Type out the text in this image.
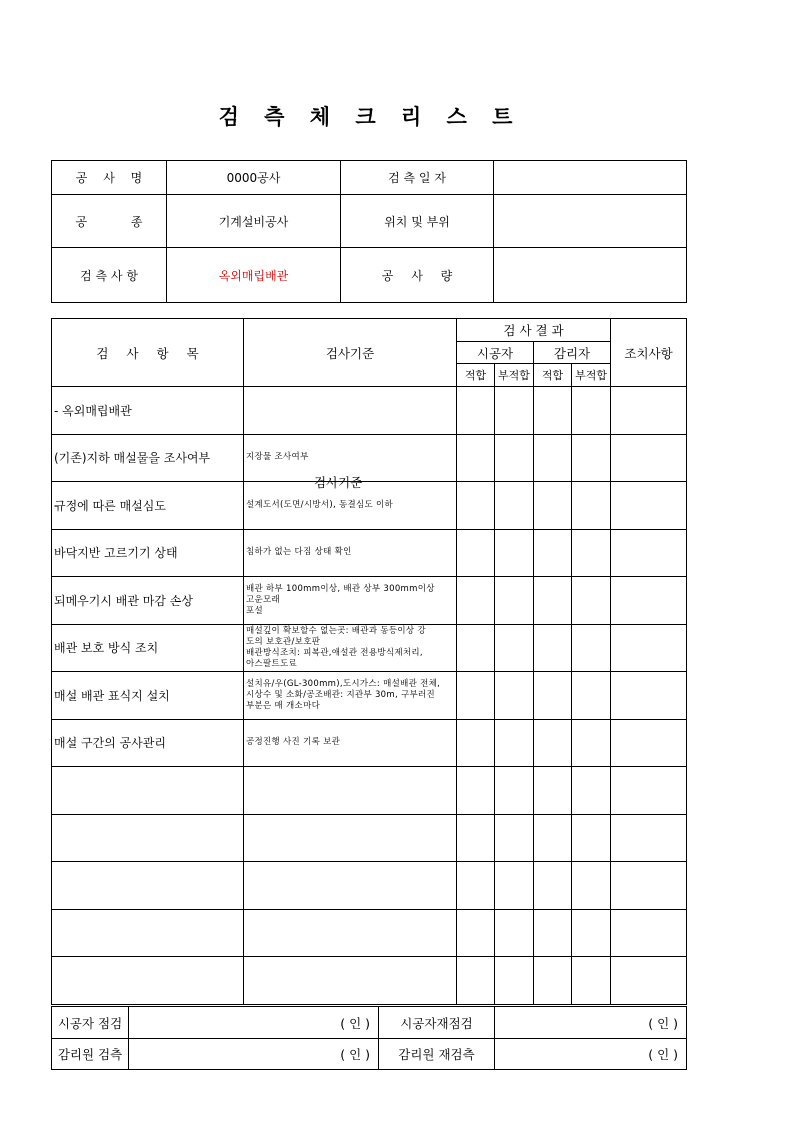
검 측 체 크 리 스 트
공 사 명	0000공사	검 측 일 자	
공 종	기계설비공사	위치 및 부위	
검 측 사 항	옥외매립배관	공 사 량	
검 사 항 목	검사기준	검 사 결 과				조치사항
		시공자		감리자		
		적합	부적합	적합	부적합	
- 옥외매립배관						
(기존)지하 매설물을 조사여부	지장물 조사여부					

규정에 따른 매설심도	설계도서(도면/시방서), 동결심도 이하					

바닥지반 고르기기 상태	침하가 없는 다짐 상태 확인					

되메우기시 배관 마감 손상	배관 하부 100mm이상, 배관 상부 300mm이상
고운모래
포설					

배관 보호 방식 조치	매설깊이 확보할수 없는곳: 배관과 동등이상 강
도의 보호관/보호판
배관방식조치: 피복관,애설관 전용방식제처리,
아스팔트도료					

매설 배관 표식지 설치	설치유/우(GL-300mm),도시가스: 매설배관 전체,
시상수 및 소화/공조배관: 지관부 30m, 구부러진
부분은 매 개소마다					

매설 구간의 공사관리	공정진행 사진 기록 보관					

검사기준
시공자 점검	( 인 )	시공자재점검	( 인 )
감리원 검측	( 인 )	감리원 재검측	( 인 )
